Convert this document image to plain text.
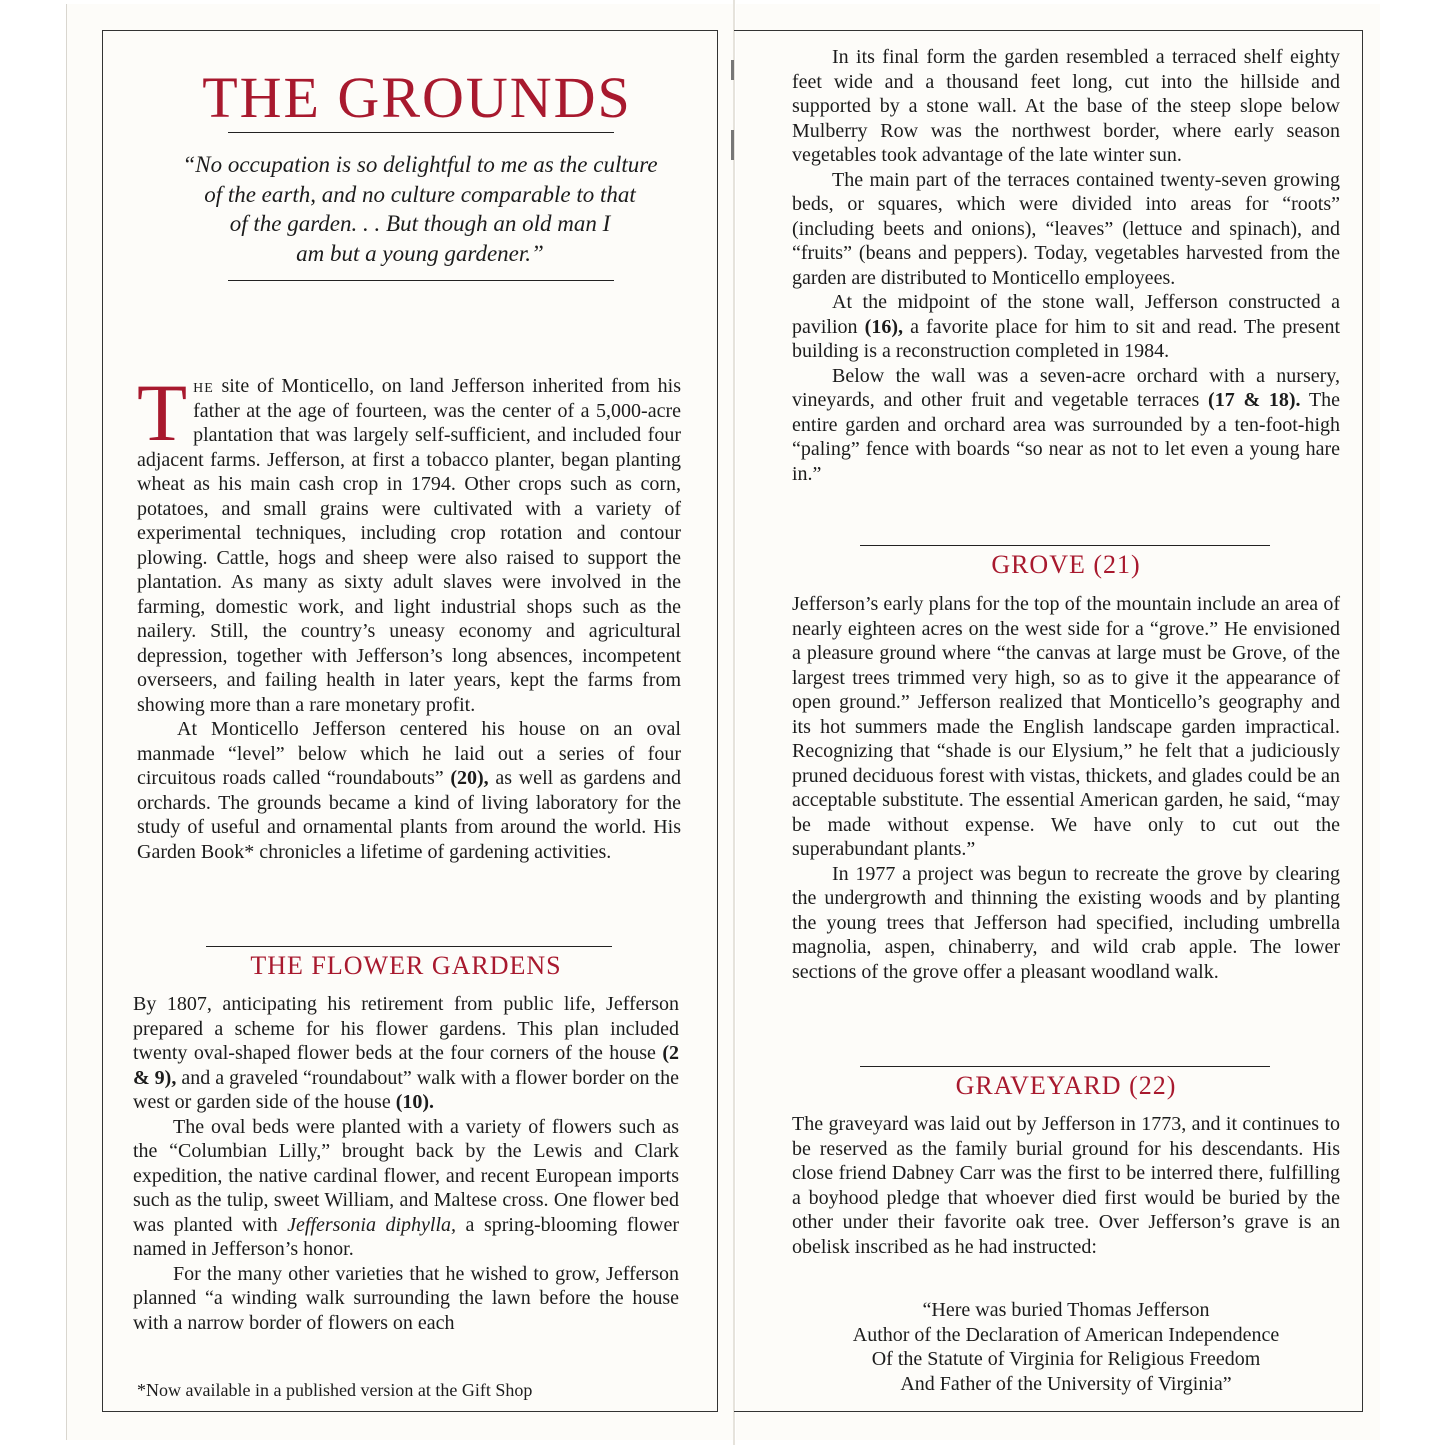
THE GROUNDS

“No occupation is so delightful to me as the culture

of the earth, and no culture comparable to that

of the garden. . . But though an old man I

am but a young gardener.”

The site of Monticello, on land Jefferson inherited from his father at the age of fourteen, was the center of a 5,000-acre plantation that was largely self-sufficient, and included four adjacent farms. Jefferson, at first a tobacco planter, began planting wheat as his main cash crop in 1794. Other crops such as corn, potatoes, and small grains were cultivated with a variety of experimental techniques, including crop rotation and contour plowing. Cattle, hogs and sheep were also raised to support the plantation. As many as sixty adult slaves were involved in the farming, domestic work, and light industrial shops such as the nailery. Still, the country’s uneasy economy and agricultural depression, together with Jefferson’s long absences, incompetent overseers, and failing health in later years, kept the farms from showing more than a rare monetary profit.

At Monticello Jefferson centered his house on an oval manmade “level” below which he laid out a series of four circuitous roads called “roundabouts” (20), as well as gardens and orchards. The grounds became a kind of living laboratory for the study of useful and ornamental plants from around the world. His Garden Book* chronicles a lifetime of gardening activities.

THE FLOWER GARDENS

By 1807, anticipating his retirement from public life, Jefferson prepared a scheme for his flower gardens. This plan included twenty oval-shaped flower beds at the four corners of the house (2 & 9), and a graveled “roundabout” walk with a flower border on the west or garden side of the house (10).

The oval beds were planted with a variety of flowers such as the “Columbian Lilly,” brought back by the Lewis and Clark expedition, the native cardinal flower, and recent European imports such as the tulip, sweet William, and Maltese cross. One flower bed was planted with Jeffersonia diphylla, a spring-blooming flower named in Jefferson’s honor.

For the many other varieties that he wished to grow, Jefferson planned “a winding walk surrounding the lawn before the house with a narrow border of flowers on each

*Now available in a published version at the Gift Shop

In its final form the garden resembled a terraced shelf eighty feet wide and a thousand feet long, cut into the hillside and supported by a stone wall. At the base of the steep slope below Mulberry Row was the northwest border, where early season vegetables took advantage of the late winter sun.

The main part of the terraces contained twenty-seven growing beds, or squares, which were divided into areas for “roots” (including beets and onions), “leaves” (lettuce and spinach), and “fruits” (beans and peppers). Today, vegetables harvested from the garden are distributed to Monticello employees.

At the midpoint of the stone wall, Jefferson constructed a pavilion (16), a favorite place for him to sit and read. The present building is a reconstruction completed in 1984.

Below the wall was a seven-acre orchard with a nursery, vineyards, and other fruit and vegetable terraces (17 & 18). The entire garden and orchard area was surrounded by a ten-foot-high “paling” fence with boards “so near as not to let even a young hare in.”

GROVE (21)

Jefferson’s early plans for the top of the mountain include an area of nearly eighteen acres on the west side for a “grove.” He envisioned a pleasure ground where “the canvas at large must be Grove, of the largest trees trimmed very high, so as to give it the appearance of open ground.” Jefferson realized that Monticello’s geography and its hot summers made the English landscape garden impractical. Recognizing that “shade is our Elysium,” he felt that a judiciously pruned deciduous forest with vistas, thickets, and glades could be an acceptable substitute. The essential American garden, he said, “may be made without expense. We have only to cut out the superabundant plants.”

In 1977 a project was begun to recreate the grove by clearing the undergrowth and thinning the existing woods and by planting the young trees that Jefferson had specified, including umbrella magnolia, aspen, chinaberry, and wild crab apple. The lower sections of the grove offer a pleasant woodland walk.

GRAVEYARD (22)

The graveyard was laid out by Jefferson in 1773, and it continues to be reserved as the family burial ground for his descendants. His close friend Dabney Carr was the first to be interred there, fulfilling a boyhood pledge that whoever died first would be buried by the other under their favorite oak tree. Over Jefferson’s grave is an obelisk inscribed as he had instructed:

“Here was buried Thomas Jefferson
Author of the Declaration of American Independence
Of the Statute of Virginia for Religious Freedom
And Father of the University of Virginia”
